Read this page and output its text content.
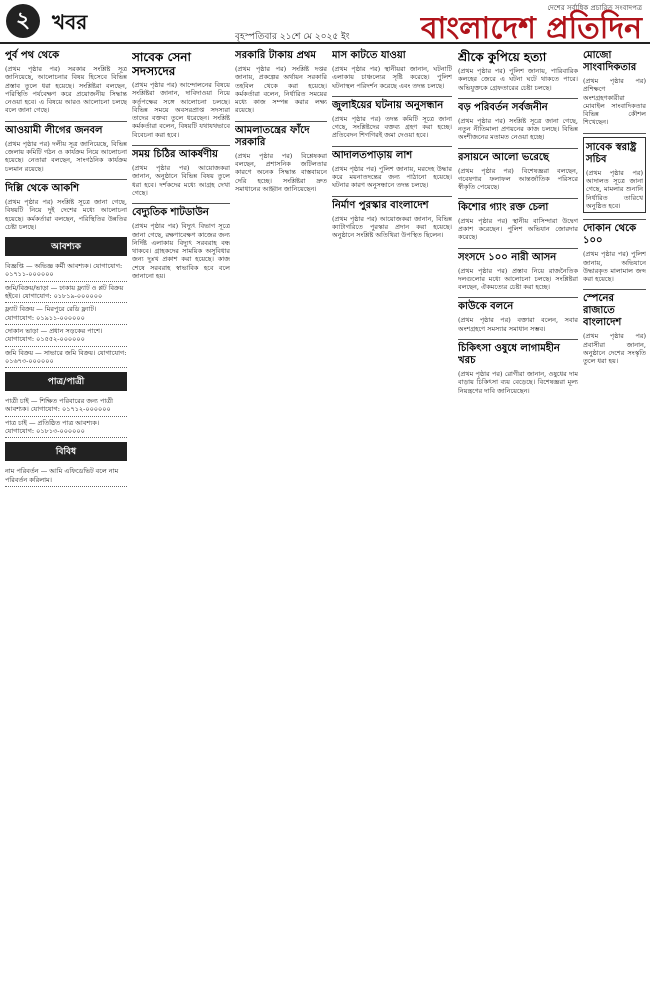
২	খবর
বৃহস্পতিবার ২১শে মে ২০২৫ ইং
দেশের সর্বাধিক প্রচারিত সংবাদপত্র
বাংলাদেশ প্রতিদিন
পুর্ব পথ থেকে
(প্রথম পৃষ্ঠার পর) সরকার সংশ্লিষ্ট সূত্র জানিয়েছে, আলোচনার বিষয় হিসেবে বিভিন্ন প্রস্তাব তুলে ধরা হয়েছে। সংশ্লিষ্টরা বলছেন, পরিস্থিতি পর্যবেক্ষণ করে প্রয়োজনীয় সিদ্ধান্ত নেওয়া হবে। এ বিষয়ে আরও আলোচনা চলছে বলে জানা গেছে।
আওয়ামী লীগের জনবল
(প্রথম পৃষ্ঠার পর) দলীয় সূত্র জানিয়েছে, বিভিন্ন জেলায় কমিটি গঠন ও কার্যক্রম নিয়ে আলোচনা হয়েছে। নেতারা বলছেন, সাংগঠনিক কার্যক্রম চলমান রয়েছে।
দিল্লি থেকে আকশি
(প্রথম পৃষ্ঠার পর) সংশ্লিষ্ট সূত্রে জানা গেছে, বিষয়টি নিয়ে দুই দেশের মধ্যে আলোচনা হয়েছে। কর্মকর্তারা বলছেন, পরিস্থিতির উন্নতির চেষ্টা চলছে।
আবশ্যক
বিজ্ঞপ্তি — অভিজ্ঞ কর্মী আবশ্যক। যোগাযোগ: ০১৭১১-০০০০০০
জমি/বিক্রয়/ভাড়া — ঢাকায় ফ্ল্যাট ও প্লট বিক্রয় হইবে। যোগাযোগ: ০১৮১৯-০০০০০০
ফ্ল্যাট বিক্রয় — মিরপুরে রেডি ফ্ল্যাট। যোগাযোগ: ০১৯১১-০০০০০০
দোকান ভাড়া — প্রধান সড়কের পাশে। যোগাযোগ: ০১৫৫২-০০০০০০
জমি বিক্রয় — সাভারে জমি বিক্রয়। যোগাযোগ: ০১৬৭৩-০০০০০০
পাত্র/পাত্রী
পাত্রী চাই — শিক্ষিত পরিবারের জন্য পাত্রী আবশ্যক। যোগাযোগ: ০১৭১২-০০০০০০
পাত্র চাই — প্রতিষ্ঠিত পাত্র আবশ্যক। যোগাযোগ: ০১৮১৩-০০০০০০
বিবিধ
নাম পরিবর্তন — আমি এফিডেভিট বলে নাম পরিবর্তন করিলাম।
সাবেক সেনা সদস্যদের
(প্রথম পৃষ্ঠার পর) আন্দোলনের বিষয়ে সংশ্লিষ্টরা জানান, দাবিদাওয়া নিয়ে কর্তৃপক্ষের সঙ্গে আলোচনা চলছে। বিভিন্ন সময়ে অবসরপ্রাপ্ত সদস্যরা তাদের বক্তব্য তুলে ধরেছেন। সংশ্লিষ্ট কর্মকর্তারা বলেন, বিষয়টি যথাযথভাবে বিবেচনা করা হবে।
সময় চিঠির আকর্ষণীয়
(প্রথম পৃষ্ঠার পর) আয়োজকরা জানান, অনুষ্ঠানে বিভিন্ন বিষয় তুলে ধরা হবে। দর্শকদের মধ্যে আগ্রহ দেখা গেছে।
বেদ্যুতিক শাটডাউন
(প্রথম পৃষ্ঠার পর) বিদ্যুৎ বিভাগ সূত্রে জানা গেছে, রক্ষণাবেক্ষণ কাজের জন্য নির্দিষ্ট এলাকায় বিদ্যুৎ সরবরাহ বন্ধ থাকবে। গ্রাহকদের সাময়িক অসুবিধার জন্য দুঃখ প্রকাশ করা হয়েছে। কাজ শেষে সরবরাহ স্বাভাবিক হবে বলে জানানো হয়।
সরকারি টাকায় প্রথম
(প্রথম পৃষ্ঠার পর) সংশ্লিষ্ট দপ্তর জানায়, প্রকল্পের অর্থায়ন সরকারি তহবিল থেকে করা হয়েছে। কর্মকর্তারা বলেন, নির্ধারিত সময়ের মধ্যে কাজ সম্পন্ন করার লক্ষ্য রয়েছে।
আমলাতন্ত্রের ফাঁদে সরকারি
(প্রথম পৃষ্ঠার পর) বিশ্লেষকরা বলছেন, প্রশাসনিক জটিলতার কারণে অনেক সিদ্ধান্ত বাস্তবায়নে দেরি হচ্ছে। সংশ্লিষ্টরা দ্রুত সমাধানের আহ্বান জানিয়েছেন।
মাস কাটতে যাওয়া
(প্রথম পৃষ্ঠার পর) স্থানীয়রা জানান, ঘটনাটি এলাকায় চাঞ্চল্যের সৃষ্টি করেছে। পুলিশ ঘটনাস্থল পরিদর্শন করেছে এবং তদন্ত চলছে।
জুলাইয়ের ঘটনায় অনুসন্ধান
(প্রথম পৃষ্ঠার পর) তদন্ত কমিটি সূত্রে জানা গেছে, সংশ্লিষ্টদের বক্তব্য গ্রহণ করা হচ্ছে। প্রতিবেদন শিগগিরই জমা দেওয়া হবে।
আদালতপাড়ায় লাশ
(প্রথম পৃষ্ঠার পর) পুলিশ জানায়, মরদেহ উদ্ধার করে ময়নাতদন্তের জন্য পাঠানো হয়েছে। ঘটনার কারণ অনুসন্ধানে তদন্ত চলছে।
নির্মাণ পুরস্কার বাংলাদেশ
(প্রথম পৃষ্ঠার পর) আয়োজকরা জানান, বিভিন্ন ক্যাটাগরিতে পুরস্কার প্রদান করা হয়েছে। অনুষ্ঠানে সংশ্লিষ্ট অতিথিরা উপস্থিত ছিলেন।
শ্রীকে কুপিয়ে হত্যা
(প্রথম পৃষ্ঠার পর) পুলিশ জানায়, পারিবারিক কলহের জেরে এ ঘটনা ঘটে থাকতে পারে। অভিযুক্তকে গ্রেফতারের চেষ্টা চলছে।
বড় পরিবর্তন সর্বজনীন
(প্রথম পৃষ্ঠার পর) সংশ্লিষ্ট সূত্রে জানা গেছে, নতুন নীতিমালা প্রণয়নের কাজ চলছে। বিভিন্ন অংশীজনের মতামত নেওয়া হচ্ছে।
রসায়নে আলো ভরেছে
(প্রথম পৃষ্ঠার পর) বিশেষজ্ঞরা বলছেন, গবেষণার ফলাফল আন্তর্জাতিক পরিসরে স্বীকৃতি পেয়েছে।
কিশোর গ্যাং রক্ত চেলা
(প্রথম পৃষ্ঠার পর) স্থানীয় বাসিন্দারা উদ্বেগ প্রকাশ করেছেন। পুলিশ অভিযান জোরদার করেছে।
সংসদে ১০০ নারী আসন
(প্রথম পৃষ্ঠার পর) প্রস্তাব নিয়ে রাজনৈতিক দলগুলোর মধ্যে আলোচনা চলছে। সংশ্লিষ্টরা বলছেন, ঐকমত্যের চেষ্টা করা হচ্ছে।
কাউকে বলনে
(প্রথম পৃষ্ঠার পর) বক্তারা বলেন, সবার অংশগ্রহণে সমস্যার সমাধান সম্ভব।
চিকিৎসা ওষুধে লাগামহীন খরচ
(প্রথম পৃষ্ঠার পর) রোগীরা জানান, ওষুধের দাম বাড়ায় চিকিৎসা ব্যয় বেড়েছে। বিশেষজ্ঞরা মূল্য নিয়ন্ত্রণের দাবি জানিয়েছেন।
মোজো সাংবাদিকতার
(প্রথম পৃষ্ঠার পর) প্রশিক্ষণে অংশগ্রহণকারীরা মোবাইল সাংবাদিকতার বিভিন্ন কৌশল শিখেছেন।
সাবেক স্বরাষ্ট্র সচিব
(প্রথম পৃষ্ঠার পর) আদালত সূত্রে জানা গেছে, মামলার শুনানি নির্ধারিত তারিখে অনুষ্ঠিত হবে।
দোকান থেকে ১০০
(প্রথম পৃষ্ঠার পর) পুলিশ জানায়, অভিযানে উদ্ধারকৃত মালামাল জব্দ করা হয়েছে।
স্পেনের রাজাতে বাংলাদেশ
(প্রথম পৃষ্ঠার পর) প্রবাসীরা জানান, অনুষ্ঠানে দেশের সংস্কৃতি তুলে ধরা হয়।
